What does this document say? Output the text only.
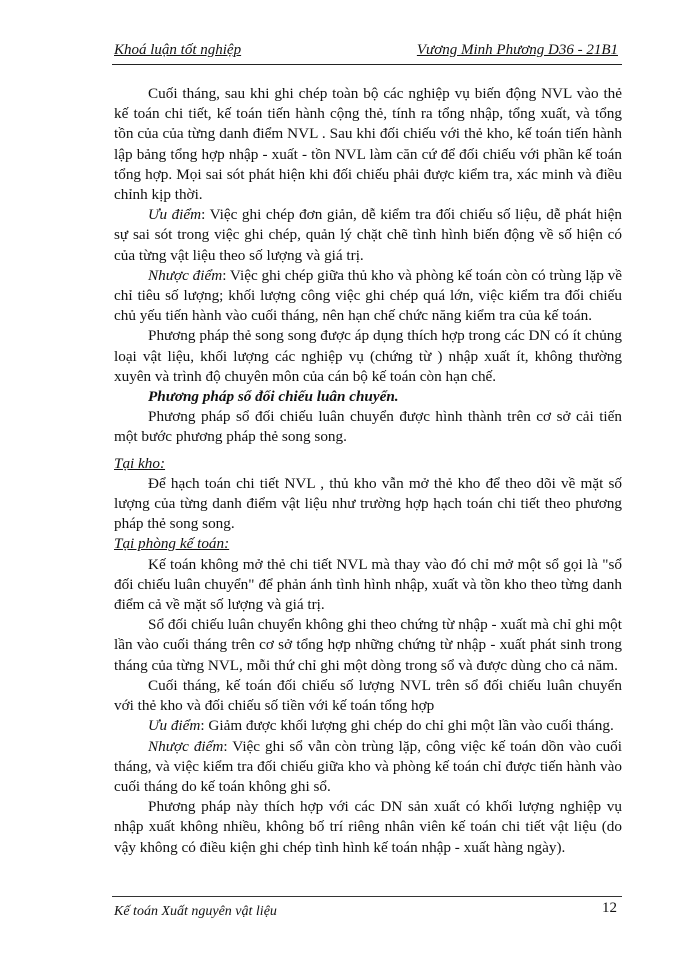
Khoá luận tốt nghiệp	Vương Minh Phương D36 - 21B1

Cuối tháng, sau khi ghi chép toàn bộ các nghiệp vụ biến động NVL vào thẻ kế toán chi tiết, kế toán tiến hành cộng thẻ, tính ra tổng nhập, tổng xuất, và tổng tồn của của từng danh điểm NVL . Sau khi đối chiếu với thẻ kho, kế toán tiến hành lập bảng tổng hợp nhập - xuất - tồn NVL làm căn cứ để đối chiếu với phần kế toán tổng hợp. Mọi sai sót phát hiện khi đối chiếu phải được kiểm tra, xác minh và điều chỉnh kịp thời.

Ưu điểm: Việc ghi chép đơn giản, dễ kiểm tra đối chiếu số liệu, dễ phát hiện sự sai sót trong việc ghi chép, quản lý chặt chẽ tình hình biến động về số hiện có của từng vật liệu theo số lượng và giá trị.

Nhược điểm: Việc ghi chép giữa thủ kho và phòng kế toán còn có trùng lặp về chỉ tiêu số lượng; khối lượng công việc ghi chép quá lớn, việc kiểm tra đối chiếu chủ yếu tiến hành vào cuối tháng, nên hạn chế chức năng kiểm tra của kế toán.

Phương pháp thẻ song song được áp dụng thích hợp trong các DN có ít chủng loại vật liệu, khối lượng các nghiệp vụ (chứng từ ) nhập xuất ít, không thường xuyên và trình độ chuyên môn của cán bộ kế toán còn hạn chế.

Phương pháp sổ đối chiếu luân chuyển.

Phương pháp sổ đối chiếu luân chuyển được hình thành trên cơ sở cải tiến một bước phương pháp thẻ song song.

Tại kho:

Để hạch toán chi tiết NVL , thủ kho vẫn mở thẻ kho để theo dõi về mặt số lượng của từng danh điểm vật liệu như trường hợp hạch toán chi tiết theo phương pháp thẻ song song.

Tại phòng kế toán:

Kế toán không mở thẻ chi tiết NVL mà thay vào đó chỉ mở một sổ gọi là "sổ đối chiếu luân chuyển" để phản ánh tình hình nhập, xuất và tồn kho theo từng danh điểm cả về mặt số lượng và giá trị.

Sổ đối chiếu luân chuyển không ghi theo chứng từ nhập - xuất mà chỉ ghi một lần vào cuối tháng trên cơ sở tổng hợp những chứng từ nhập - xuất phát sinh trong tháng của từng NVL, mỗi thứ chỉ ghi một dòng trong sổ và được dùng cho cả năm.

Cuối tháng, kế toán đối chiếu số lượng NVL trên sổ đối chiếu luân chuyển với thẻ kho và đối chiếu số tiền với kế toán tổng hợp

Ưu điểm: Giảm được khối lượng ghi chép do chỉ ghi một lần vào cuối tháng.

Nhược điểm: Việc ghi sổ vẫn còn trùng lặp, công việc kế toán dồn vào cuối tháng, và việc kiểm tra đối chiếu giữa kho và phòng kế toán chỉ được tiến hành vào cuối tháng do kế toán không ghi sổ.

Phương pháp này thích hợp với các DN sản xuất có khối lượng nghiệp vụ nhập xuất không nhiều, không bố trí riêng nhân viên kế toán chi tiết vật liệu (do vậy không có điều kiện ghi chép tình hình kế toán nhập - xuất hàng ngày).

Kế toán Xuất nguyên vật liệu	12
